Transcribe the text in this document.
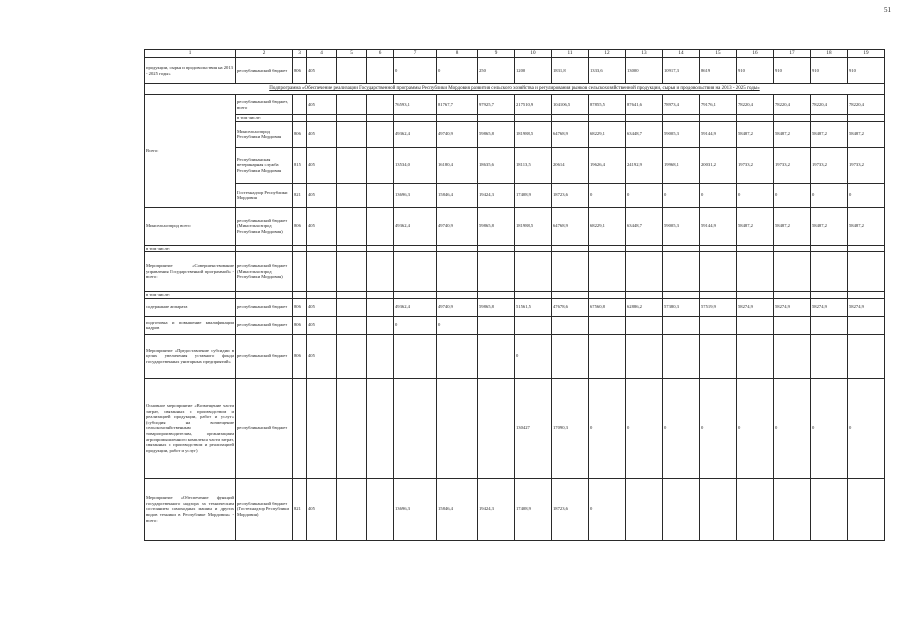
51
1	2	3	4	5	6	7	8	9	10	11	12	13	14	15	16	17	18	19
продукции, сырья и продовольствия на 2013 - 2025 годы»	республиканский бюджет	806	405			0	0	250	1200	1831,8	1333,6	13000	10917,3	8619	910	910	910	910
Подпрограмма «Обеспечение реализации Государственной программы Республики Мордовия развития сельского хозяйства и регулирования рынков сельскохозяйственной продукции, сырья и продовольствия на 2013 - 2025 годы»																		
Всего:	республиканский бюджет, всего		405			76593,1	81767,7	97925,7	217510,9	104106,5	87855,5	87641,6	78973,4	79176,1	78220,4	78220,4	78220,4	78220,4
	в том числе:																	
	Минсельхозпрод Республики Мордовия	806	405			49362,4	49740,9	59865,8	181988,5	64768,9	68229,1	63448,7	59005,3	59144,9	58487,2	58487,2	58487,2	58487,2
	Республиканская ветеринарная служба Республики Мордовия	815	405			13534,0	16180,4	18635,6	18113,5	20614	19626,4	24192,9	19968,1	20031,2	19733,2	19733,2	19733,2	19733,2
	Гостехнадзор Республики Мордовия	821	405			13696,3	15846,4	19424,3	17408,9	18723,6	0	0	0	0	0	0	0	0
Минсельхозпрод всего	республиканский бюджет (Минсельхозпрод Республики Мордовия)	806	405			49362,4	49740,9	59865,8	181988,5	64768,9	68229,1	63448,7	59005,3	59144,9	58487,2	58487,2	58487,2	58487,2
в том числе:																		
Мероприятие «Совершенствование управления Государственной программой» - всего:	республиканский бюджет (Минсельхозпрод Республики Мордовия)																	
в том числе:																		
содержание аппарата	республиканский бюджет	806	405			49362,4	49740,9	59865,8	51561,5	47678,6	67560,8	62886,2	57380,3	57519,9	58274,9	58274,9	58274,9	58274,9
подготовка и повышение квалификации кадров	республиканский бюджет	806	405			0	0											
Мероприятие «Предоставление субсидии в целях увеличения уставного фонда государственных унитарных предприятий»	республиканский бюджет	806	405						0									
Основное мероприятие «Возмещение части затрат, связанных с производством и реализацией продукции, работ и услуг» (субсидия на возмещение сельскохозяйственным товаропроизводителям, организациям агропромышленного комплекса части затрат, связанных с производством и реализацией продукции, работ и услуг)	республиканский бюджет								130427	17090,3	0	0	0	0	0	0	0	0
Мероприятие «Обеспечение функций государственного надзора за техническим состоянием самоходных машин и других видов техники в Республике Мордовия» - всего:	республиканский бюджет (Гостехнадзор Республики Мордовия)	821	405			13696,3	15846,4	19424,3	17408,9	18723,6	0							
